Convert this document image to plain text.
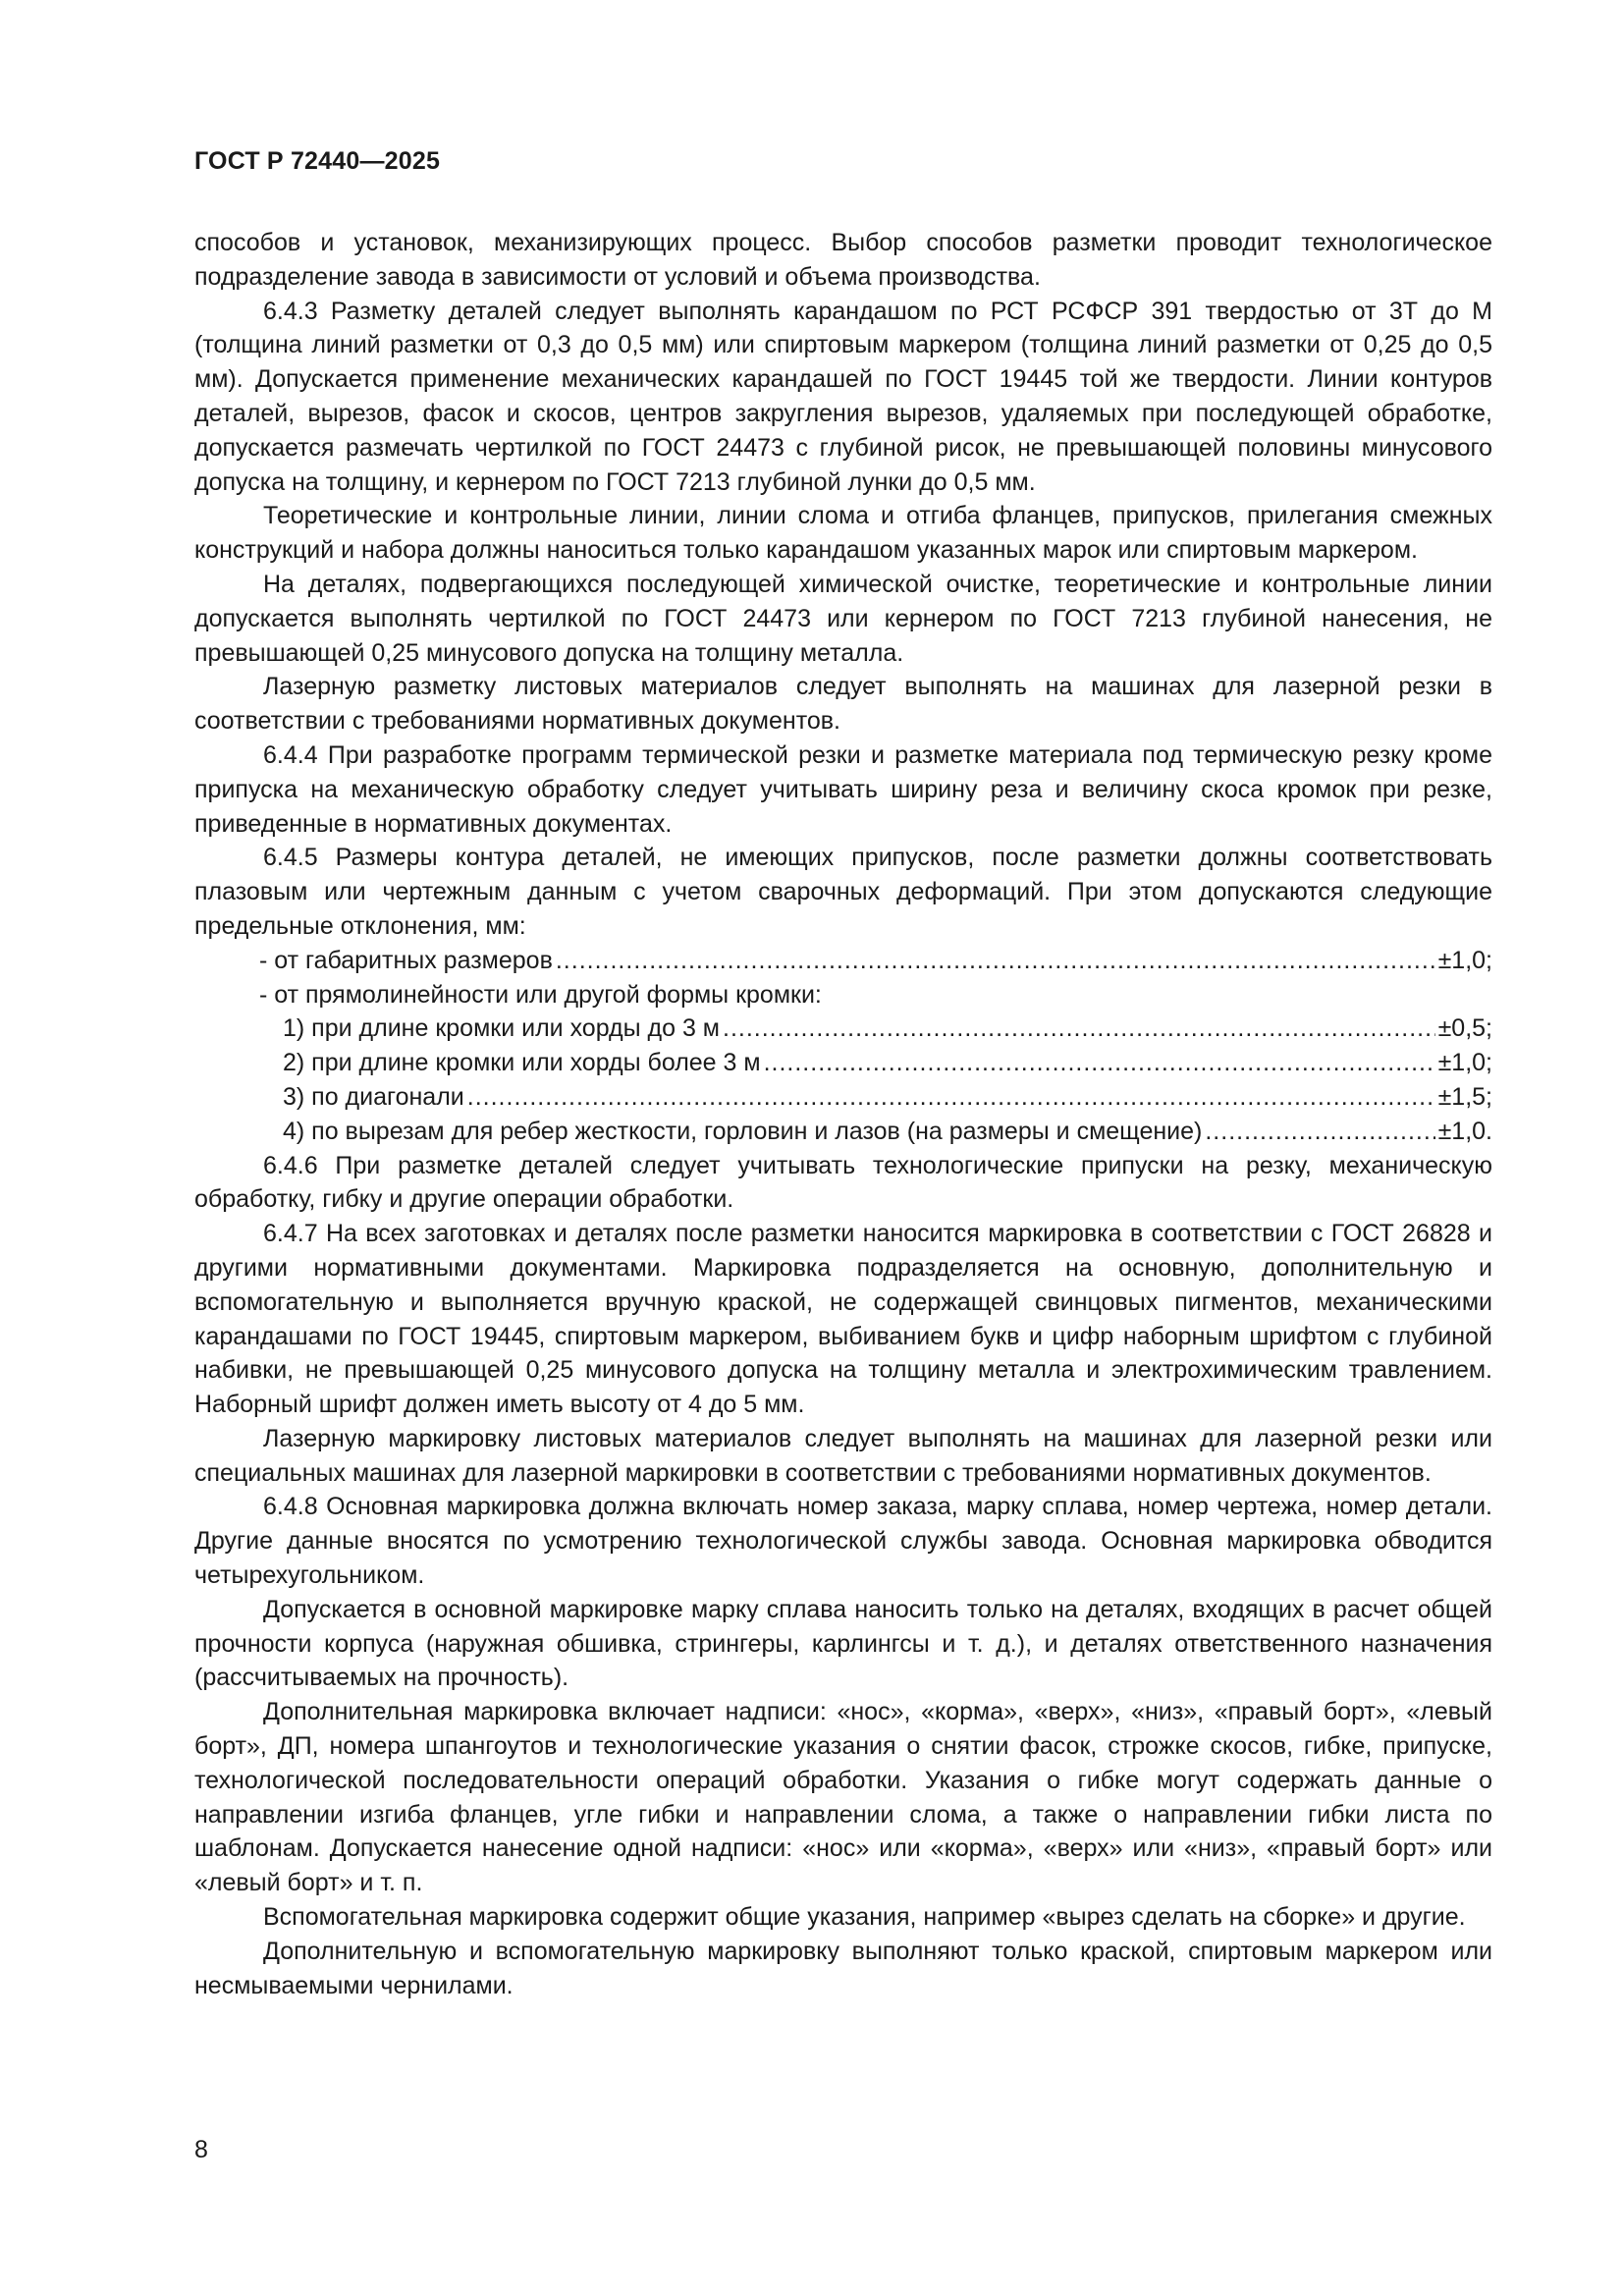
ГОСТ Р 72440—2025

способов и установок, механизирующих процесс. Выбор способов разметки проводит технологическое подразделение завода в зависимости от условий и объема производства.

6.4.3 Разметку деталей следует выполнять карандашом по РСТ РСФСР 391 твердостью от 3Т до М (толщина линий разметки от 0,3 до 0,5 мм) или спиртовым маркером (толщина линий разметки от 0,25 до 0,5 мм). Допускается применение механических карандашей по ГОСТ 19445 той же твердости. Линии контуров деталей, вырезов, фасок и скосов, центров закругления вырезов, удаляемых при последующей обработке, допускается размечать чертилкой по ГОСТ 24473 с глубиной рисок, не превышающей половины минусового допуска на толщину, и кернером по ГОСТ 7213 глубиной лунки до 0,5 мм.

Теоретические и контрольные линии, линии слома и отгиба фланцев, припусков, прилегания смежных конструкций и набора должны наноситься только карандашом указанных марок или спиртовым маркером.

На деталях, подвергающихся последующей химической очистке, теоретические и контрольные линии допускается выполнять чертилкой по ГОСТ 24473 или кернером по ГОСТ 7213 глубиной нанесения, не превышающей 0,25 минусового допуска на толщину металла.

Лазерную разметку листовых материалов следует выполнять на машинах для лазерной резки в соответствии с требованиями нормативных документов.

6.4.4 При разработке программ термической резки и разметке материала под термическую резку кроме припуска на механическую обработку следует учитывать ширину реза и величину скоса кромок при резке, приведенные в нормативных документах.

6.4.5 Размеры контура деталей, не имеющих припусков, после разметки должны соответствовать плазовым или чертежным данным с учетом сварочных деформаций. При этом допускаются следующие предельные отклонения, мм:

- от габаритных размеров .....	±1,0;

- от прямолинейности или другой формы кромки:

1) при длине кромки или хорды до 3 м .....	±0,5;
2) при длине кромки или хорды более 3 м .....	±1,0;
3) по диагонали .....	±1,5;
4) по вырезам для ребер жесткости, горловин и лазов (на размеры и смещение) .....	±1,0.

6.4.6 При разметке деталей следует учитывать технологические припуски на резку, механическую обработку, гибку и другие операции обработки.

6.4.7 На всех заготовках и деталях после разметки наносится маркировка в соответствии с ГОСТ 26828 и другими нормативными документами. Маркировка подразделяется на основную, дополнительную и вспомогательную и выполняется вручную краской, не содержащей свинцовых пигментов, механическими карандашами по ГОСТ 19445, спиртовым маркером, выбиванием букв и цифр наборным шрифтом с глубиной набивки, не превышающей 0,25 минусового допуска на толщину металла и электрохимическим травлением. Наборный шрифт должен иметь высоту от 4 до 5 мм.

Лазерную маркировку листовых материалов следует выполнять на машинах для лазерной резки или специальных машинах для лазерной маркировки в соответствии с требованиями нормативных документов.

6.4.8 Основная маркировка должна включать номер заказа, марку сплава, номер чертежа, номер детали. Другие данные вносятся по усмотрению технологической службы завода. Основная маркировка обводится четырехугольником.

Допускается в основной маркировке марку сплава наносить только на деталях, входящих в расчет общей прочности корпуса (наружная обшивка, стрингеры, карлингсы и т. д.), и деталях ответственного назначения (рассчитываемых на прочность).

Дополнительная маркировка включает надписи: «нос», «корма», «верх», «низ», «правый борт», «левый борт», ДП, номера шпангоутов и технологические указания о снятии фасок, строжке скосов, гибке, припуске, технологической последовательности операций обработки. Указания о гибке могут содержать данные о направлении изгиба фланцев, угле гибки и направлении слома, а также о направлении гибки листа по шаблонам. Допускается нанесение одной надписи: «нос» или «корма», «верх» или «низ», «правый борт» или «левый борт» и т. п.

Вспомогательная маркировка содержит общие указания, например «вырез сделать на сборке» и другие.

Дополнительную и вспомогательную маркировку выполняют только краской, спиртовым маркером или несмываемыми чернилами.

8
